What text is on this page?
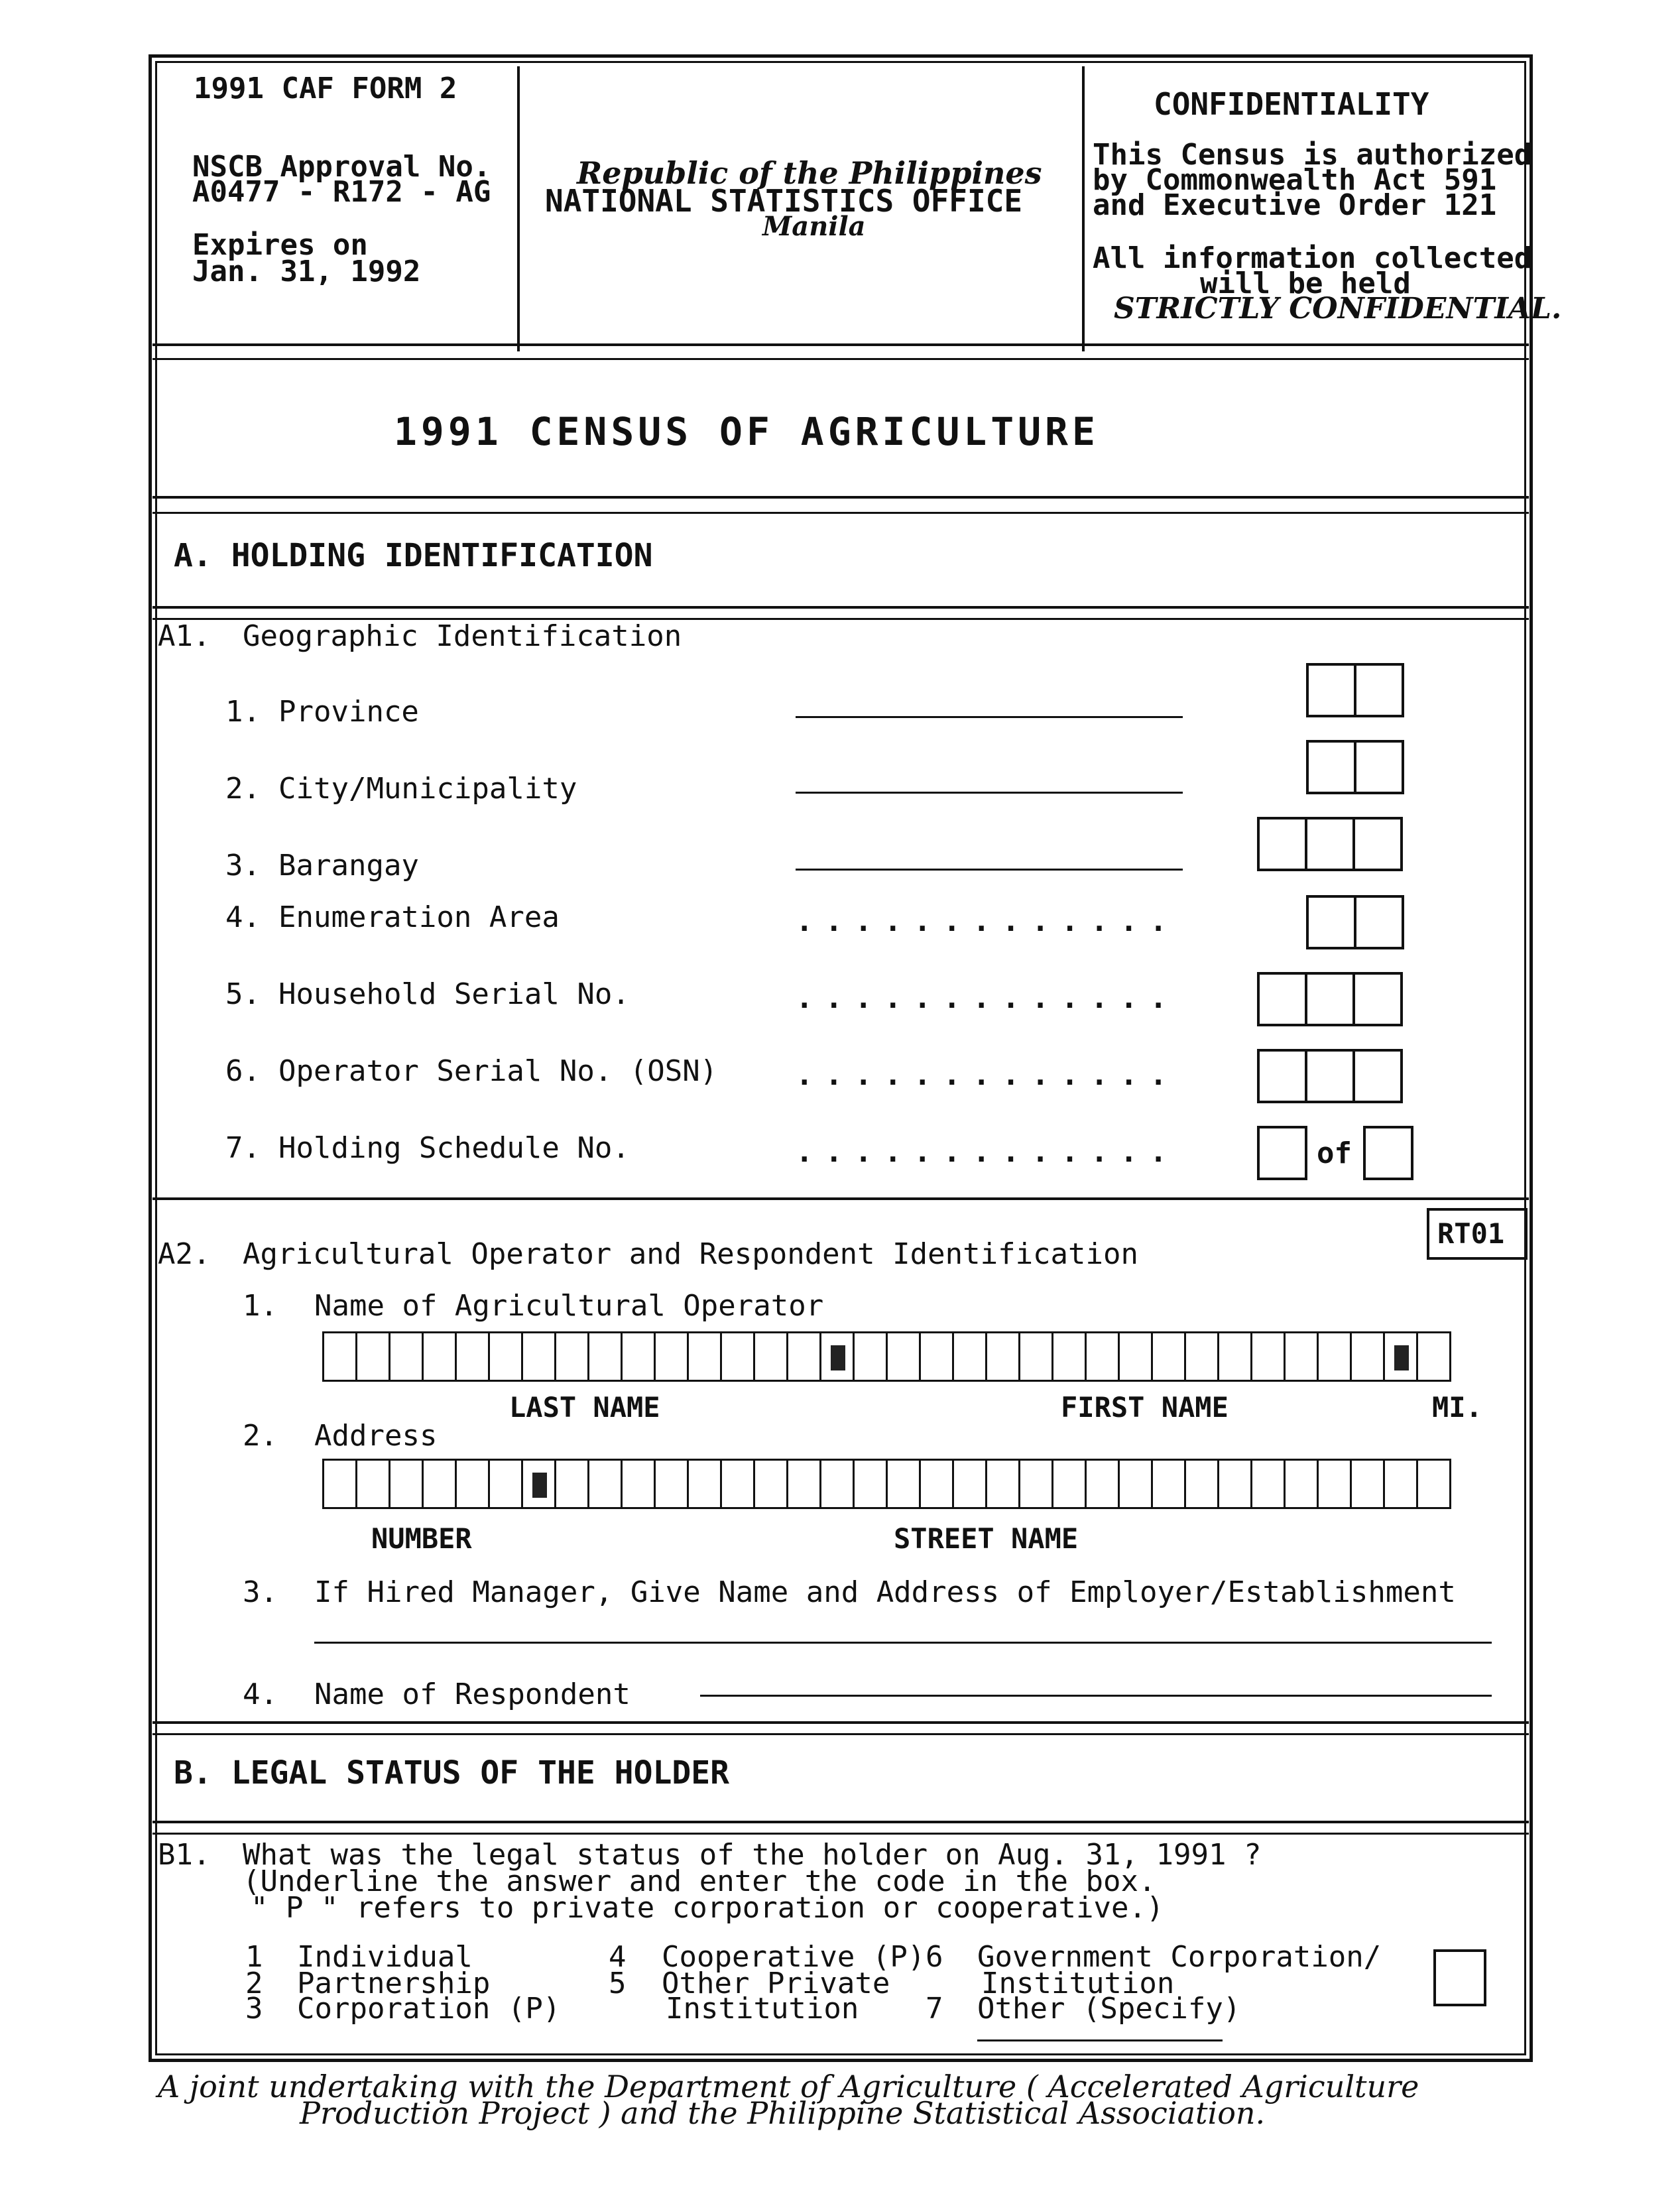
1991 CAF FORM 2
NSCB Approval No.
A0477 - R172 - AG
Expires on
Jan. 31, 1992
Republic of the Philippines
NATIONAL STATISTICS OFFICE
Manila
CONFIDENTIALITY
This Census is authorized
by Commonwealth Act 591
and Executive Order 121
All information collected
will be held
STRICTLY CONFIDENTIAL.
1991 CENSUS OF AGRICULTURE
A. HOLDING IDENTIFICATION
A1. Geographic Identification
1. Province
2. City/Municipality
3. Barangay
4. Enumeration Area	.............
5. Household Serial No.	.............
6. Operator Serial No. (OSN)	.............
7. Holding Schedule No.	.............	of
RT01
A2. Agricultural Operator and Respondent Identification
1. Name of Agricultural Operator
LAST NAME	FIRST NAME	MI.
2. Address
NUMBER	STREET NAME
3. If Hired Manager, Give Name and Address of Employer/Establishment
4. Name of Respondent
B. LEGAL STATUS OF THE HOLDER
B1. What was the legal status of the holder on Aug. 31, 1991 ?
(Underline the answer and enter the code in the box.
" P " refers to private corporation or cooperative.)
1 Individual
2 Partnership
3 Corporation (P)
4 Cooperative (P)
5 Other Private
Institution
6 Government Corporation/
Institution
7 Other (Specify)
A joint undertaking with the Department of Agriculture ( Accelerated Agriculture
Production Project ) and the Philippine Statistical Association.
